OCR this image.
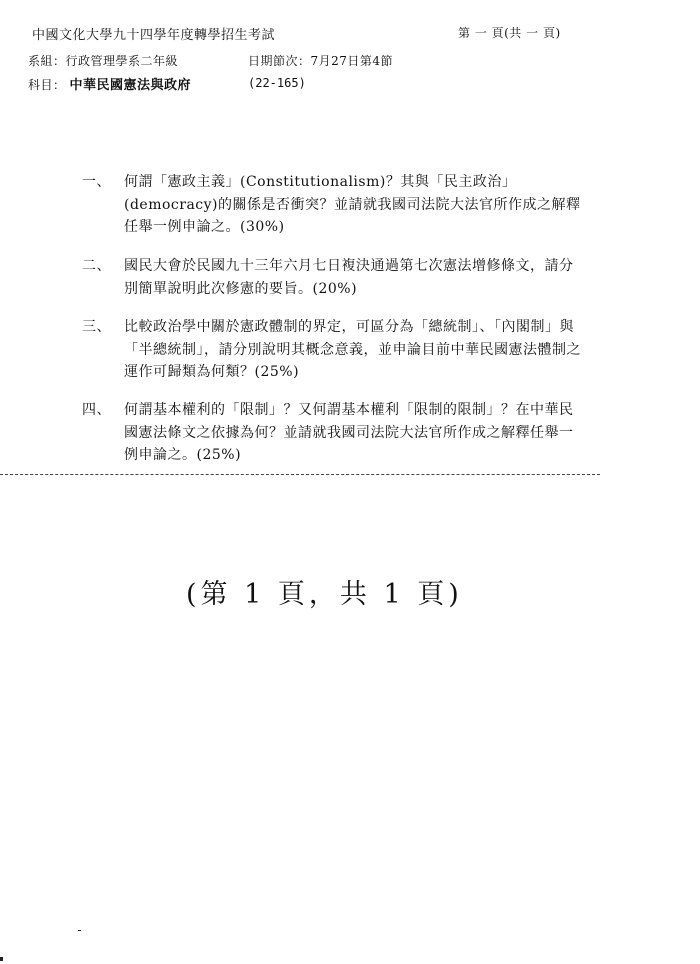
中國文化大學九十四學年度轉學招生考試	第 一 頁(共 一 頁)
系組：行政管理學系二年級	日期節次：7月27日第4節
科目： 中華民國憲法與政府	(22-165)
一、 何謂「憲政主義」(Constitutionalism)？其與「民主政治」(democracy)的關係是否衝突？並請就我國司法院大法官所作成之解釋任舉一例申論之。(30%)
二、 國民大會於民國九十三年六月七日複決通過第七次憲法增修條文，請分別簡單說明此次修憲的要旨。(20%)
三、 比較政治學中關於憲政體制的界定，可區分為「總統制」、「內閣制」與「半總統制」，請分別說明其概念意義，並申論目前中華民國憲法體制之運作可歸類為何類？(25%)
四、 何謂基本權利的「限制」？又何謂基本權利「限制的限制」？在中華民國憲法條文之依據為何？並請就我國司法院大法官所作成之解釋任舉一例申論之。(25%)
(第 1 頁，共 1 頁)
